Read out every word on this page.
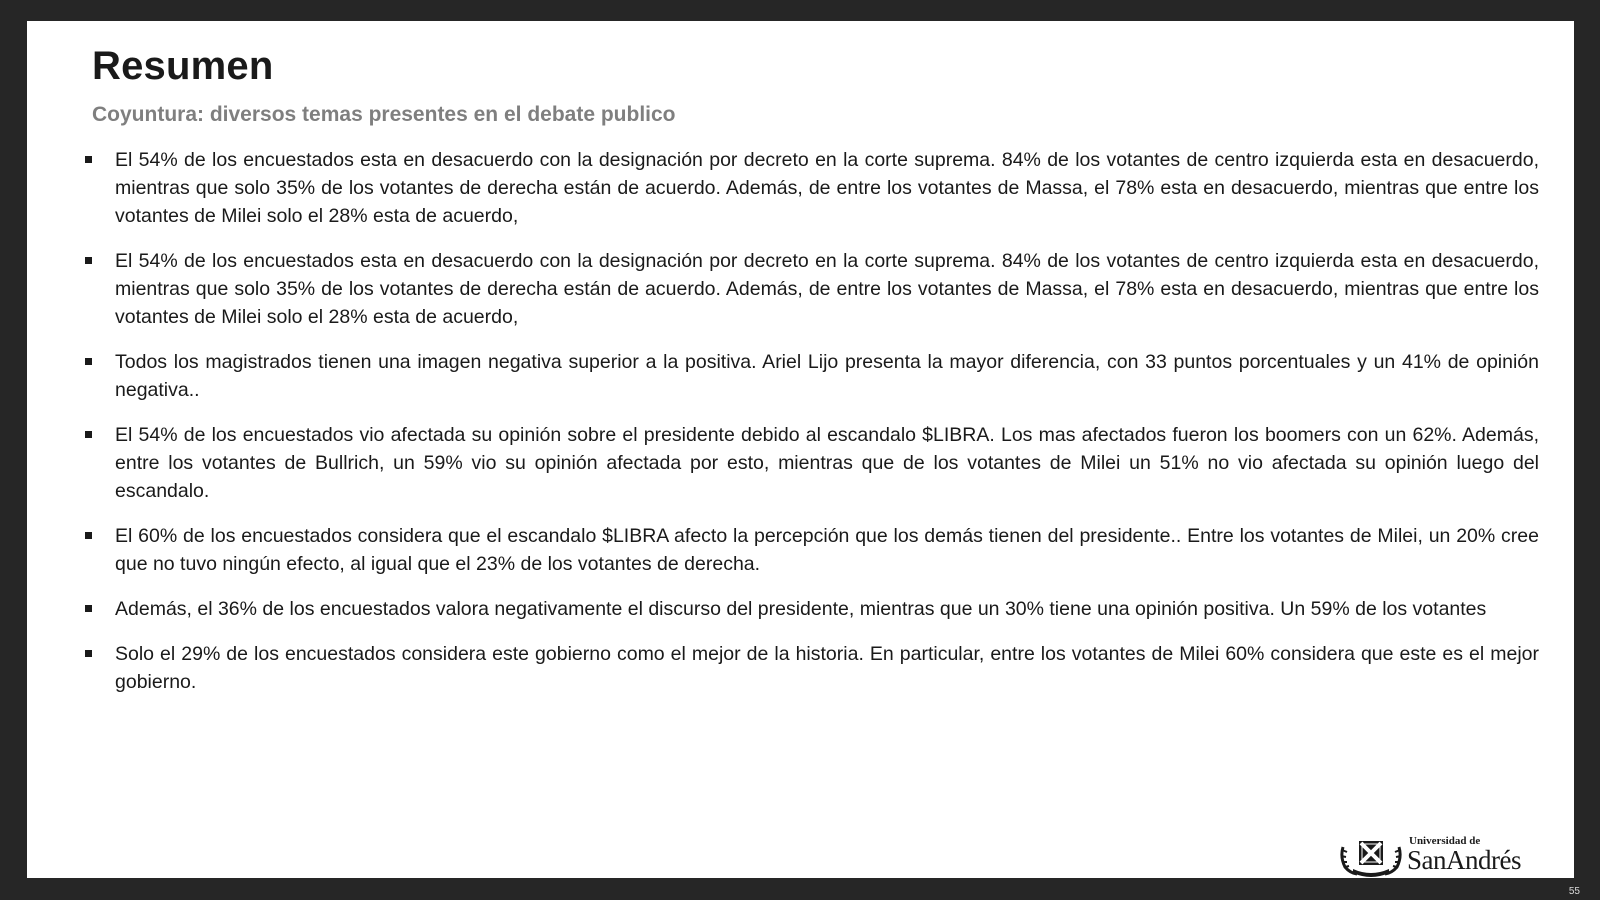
Resumen
Coyuntura: diversos temas presentes en el debate publico
El 54% de los encuestados esta en desacuerdo con la designación por decreto en la corte suprema. 84% de los votantes de centro izquierda esta en desacuerdo, mientras que solo 35% de los votantes de derecha están de acuerdo. Además, de entre los votantes de Massa, el 78% esta en desacuerdo, mientras que entre los votantes de Milei solo el 28% esta de acuerdo,
El 54% de los encuestados esta en desacuerdo con la designación por decreto en la corte suprema. 84% de los votantes de centro izquierda esta en desacuerdo, mientras que solo 35% de los votantes de derecha están de acuerdo. Además, de entre los votantes de Massa, el 78% esta en desacuerdo, mientras que entre los votantes de Milei solo el 28% esta de acuerdo,
Todos los magistrados tienen una imagen negativa superior a la positiva. Ariel Lijo presenta la mayor diferencia, con 33 puntos porcentuales y un 41% de opinión negativa..
El 54% de los encuestados vio afectada su opinión sobre el presidente debido al escandalo $LIBRA. Los mas afectados fueron los boomers con un 62%. Además, entre los votantes de Bullrich, un 59% vio su opinión afectada por esto, mientras que de los votantes de Milei un 51% no vio afectada su opinión luego del escandalo.
El 60% de los encuestados considera que el escandalo $LIBRA afecto la percepción que los demás tienen del presidente.. Entre los votantes de Milei, un 20% cree que no tuvo ningún efecto, al igual que el 23% de los votantes de derecha.
Además, el 36% de los encuestados valora negativamente el discurso del presidente, mientras que un 30% tiene una opinión positiva. Un 59% de los votantes
Solo el 29% de los encuestados considera este gobierno como el mejor de la historia. En particular, entre los votantes de Milei 60% considera que este es el mejor gobierno.
Universidad de
SanAndrés
55
